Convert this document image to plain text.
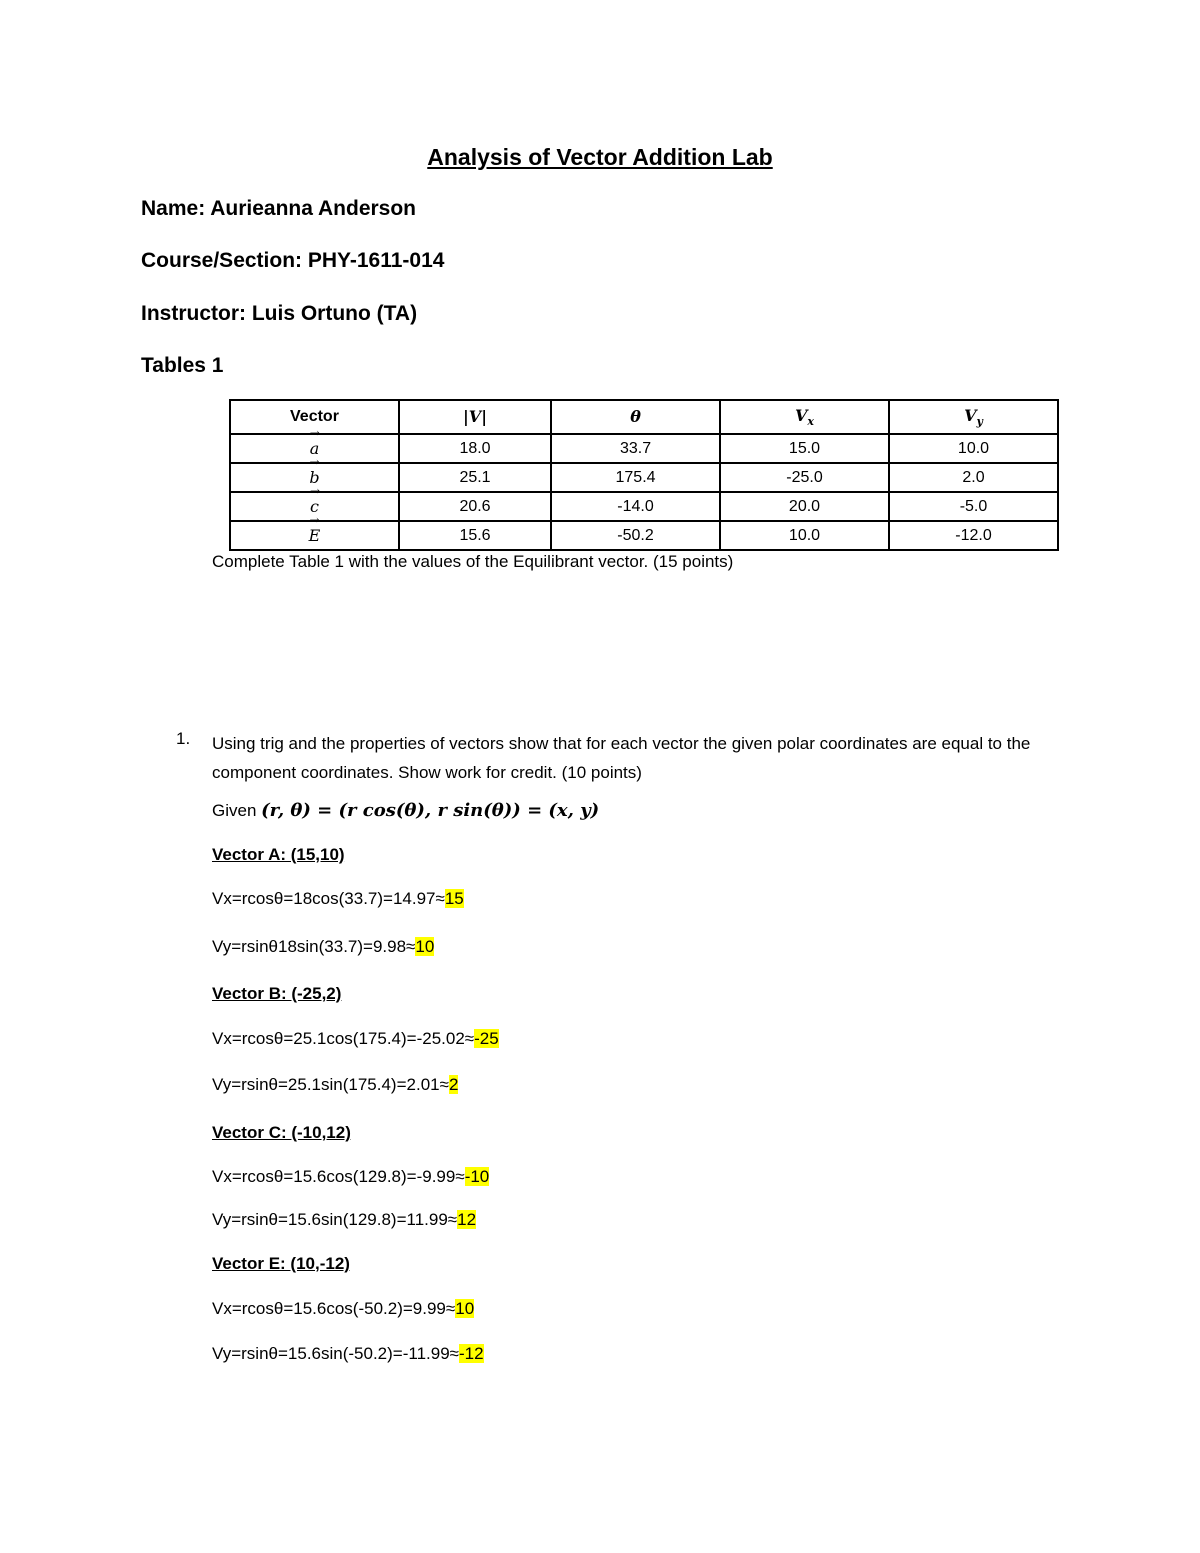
Analysis of Vector Addition Lab
Name: Aurieanna Anderson
Course/Section: PHY-1611-014
Instructor: Luis Ortuno (TA)
Tables 1
Vector	|V|	θ	$V_x$	$V_y$

→
a	18.0	33.7	15.0	10.0

→
b	25.1	175.4	-25.0	2.0

→
c	20.6	-14.0	20.0	-5.0

→
E	15.6	-50.2	10.0	-12.0
Complete Table 1 with the values of the Equilibrant vector. (15 points)
1. Using trig and the properties of vectors show that for each vector the given polar coordinates are equal to the component coordinates. Show work for credit. (10 points)
Given (r, θ) = (r cos(θ), r sin(θ)) = (x, y)
Vector A: (15,10)
Vx=rcosθ=18cos(33.7)=14.97≈15
Vy=rsinθ18sin(33.7)=9.98≈10
Vector B: (-25,2)
Vx=rcosθ=25.1cos(175.4)=-25.02≈-25
Vy=rsinθ=25.1sin(175.4)=2.01≈2
Vector C: (-10,12)
Vx=rcosθ=15.6cos(129.8)=-9.99≈-10
Vy=rsinθ=15.6sin(129.8)=11.99≈12
Vector E: (10,-12)
Vx=rcosθ=15.6cos(-50.2)=9.99≈10
Vy=rsinθ=15.6sin(-50.2)=-11.99≈-12
